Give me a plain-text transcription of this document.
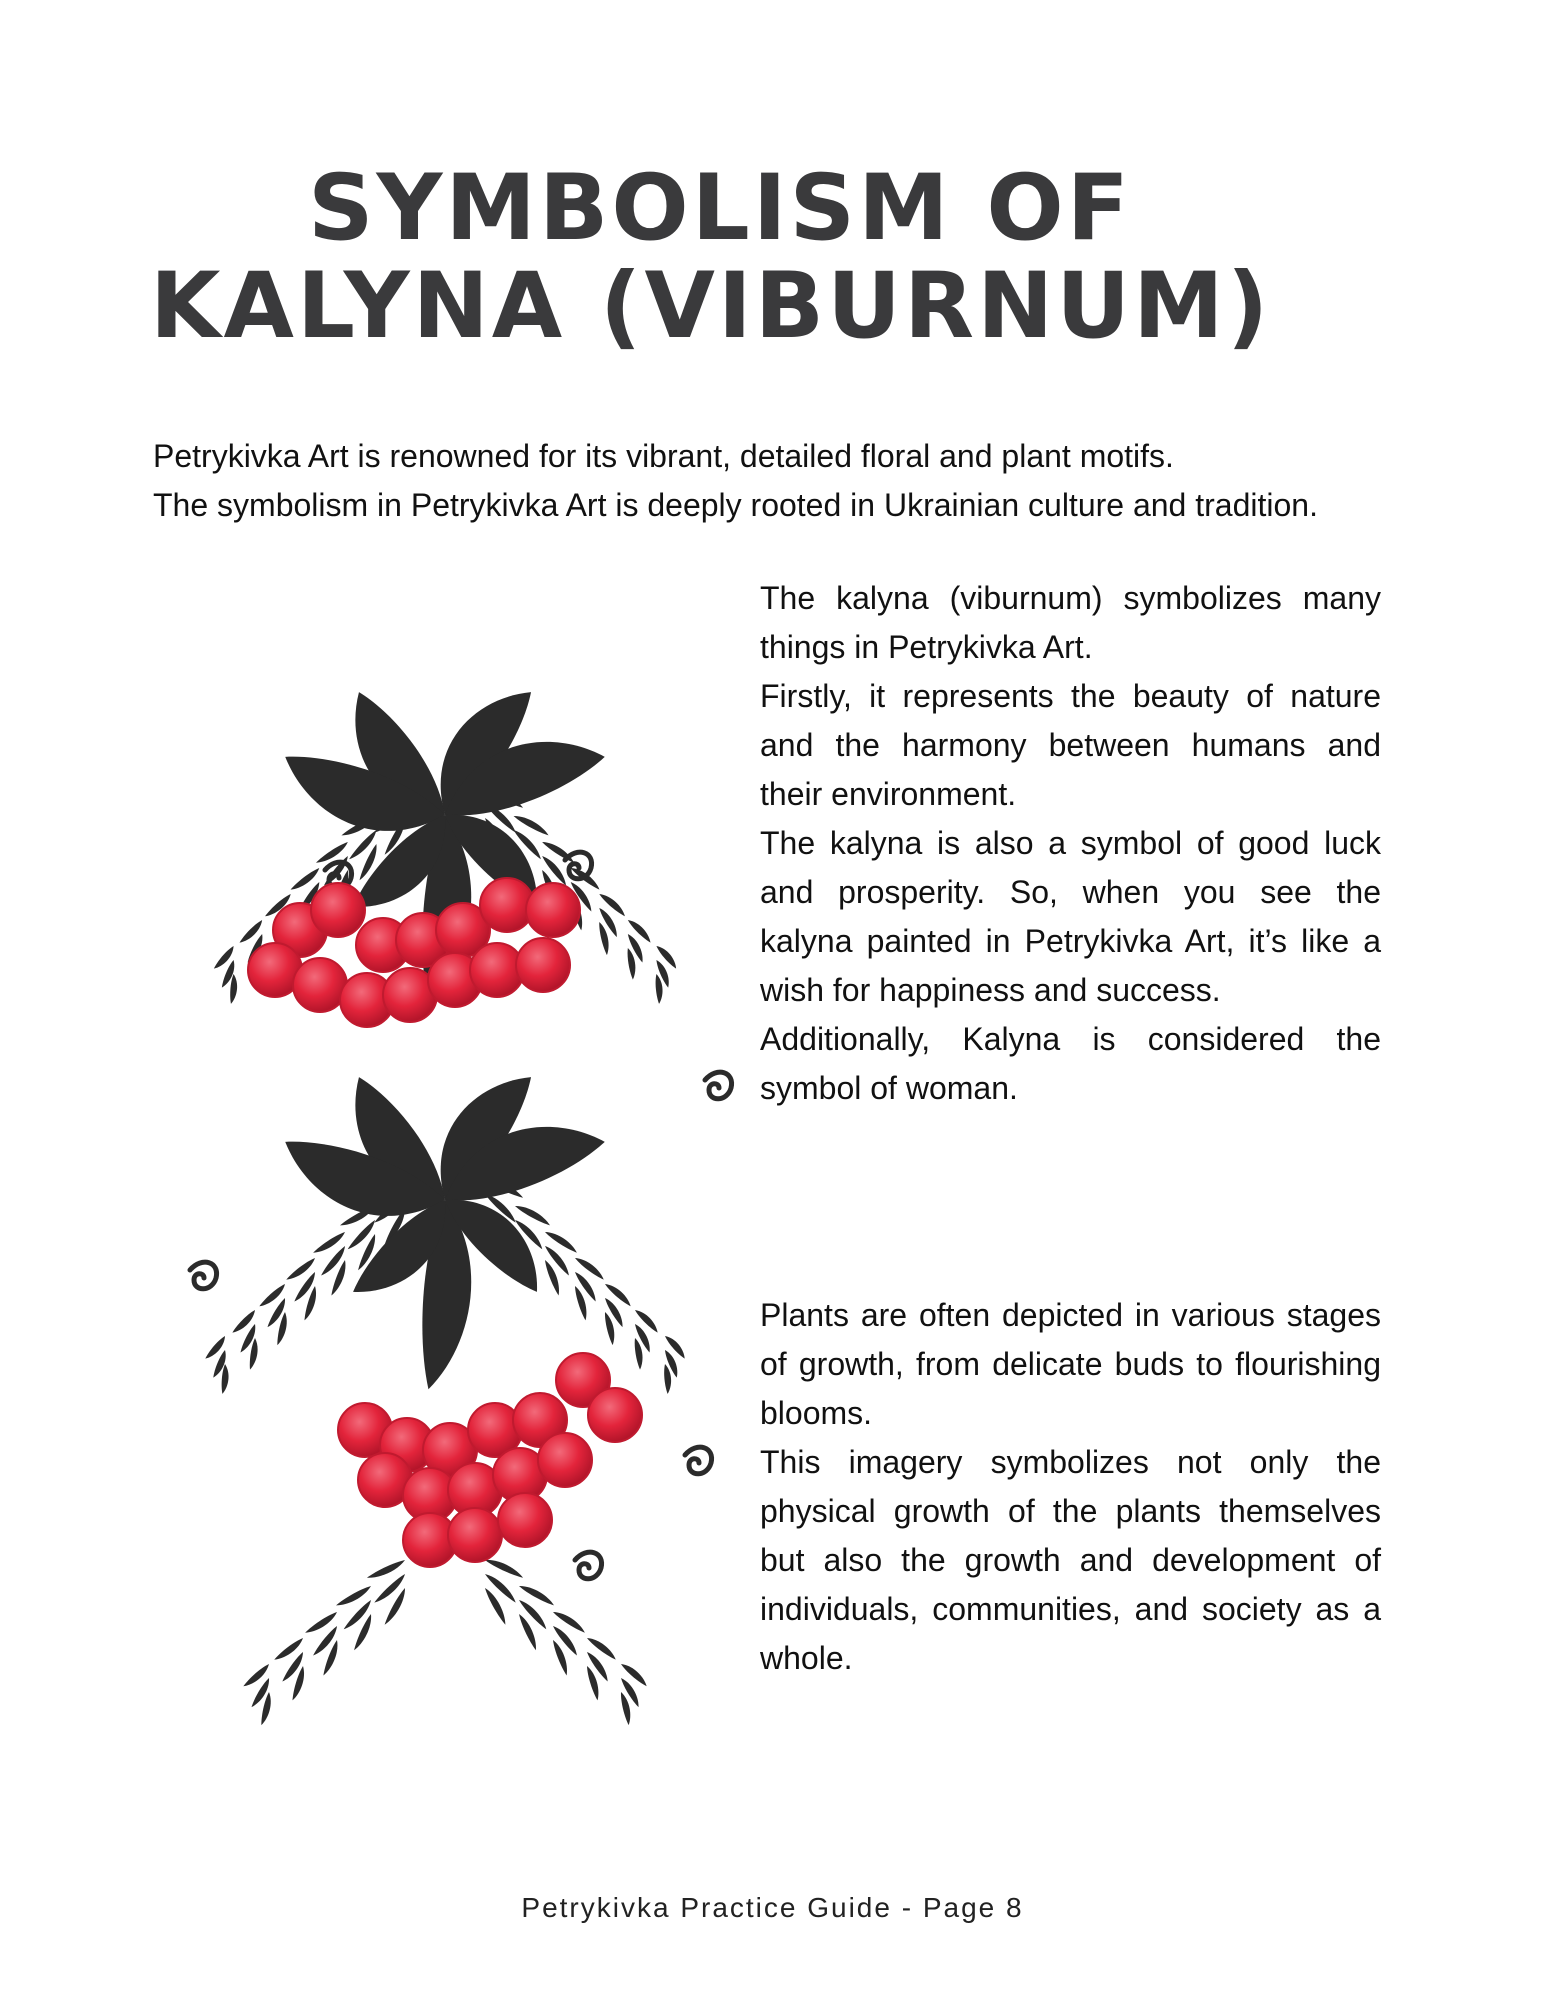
SYMBOLISM OF
KALYNA (VIBURNUM)

Petrykivka Art is renowned for its vibrant, detailed floral and plant motifs.

The symbolism in Petrykivka Art is deeply rooted in Ukrainian culture and tradition.

The kalyna (viburnum) symbolizes many things in Petrykivka Art.

Firstly, it represents the beauty of nature and the harmony between humans and their environment.

The kalyna is also a symbol of good luck and prosperity. So, when you see the kalyna painted in Petrykivka Art, it’s like a wish for happiness and success.

Additionally, Kalyna is considered the symbol of woman.

Plants are often depicted in various stages of growth, from delicate buds to flourishing blooms.

This imagery symbolizes not only the physical growth of the plants themselves but also the growth and development of individuals, communities, and society as a whole.

Petrykivka Practice Guide - Page 8
